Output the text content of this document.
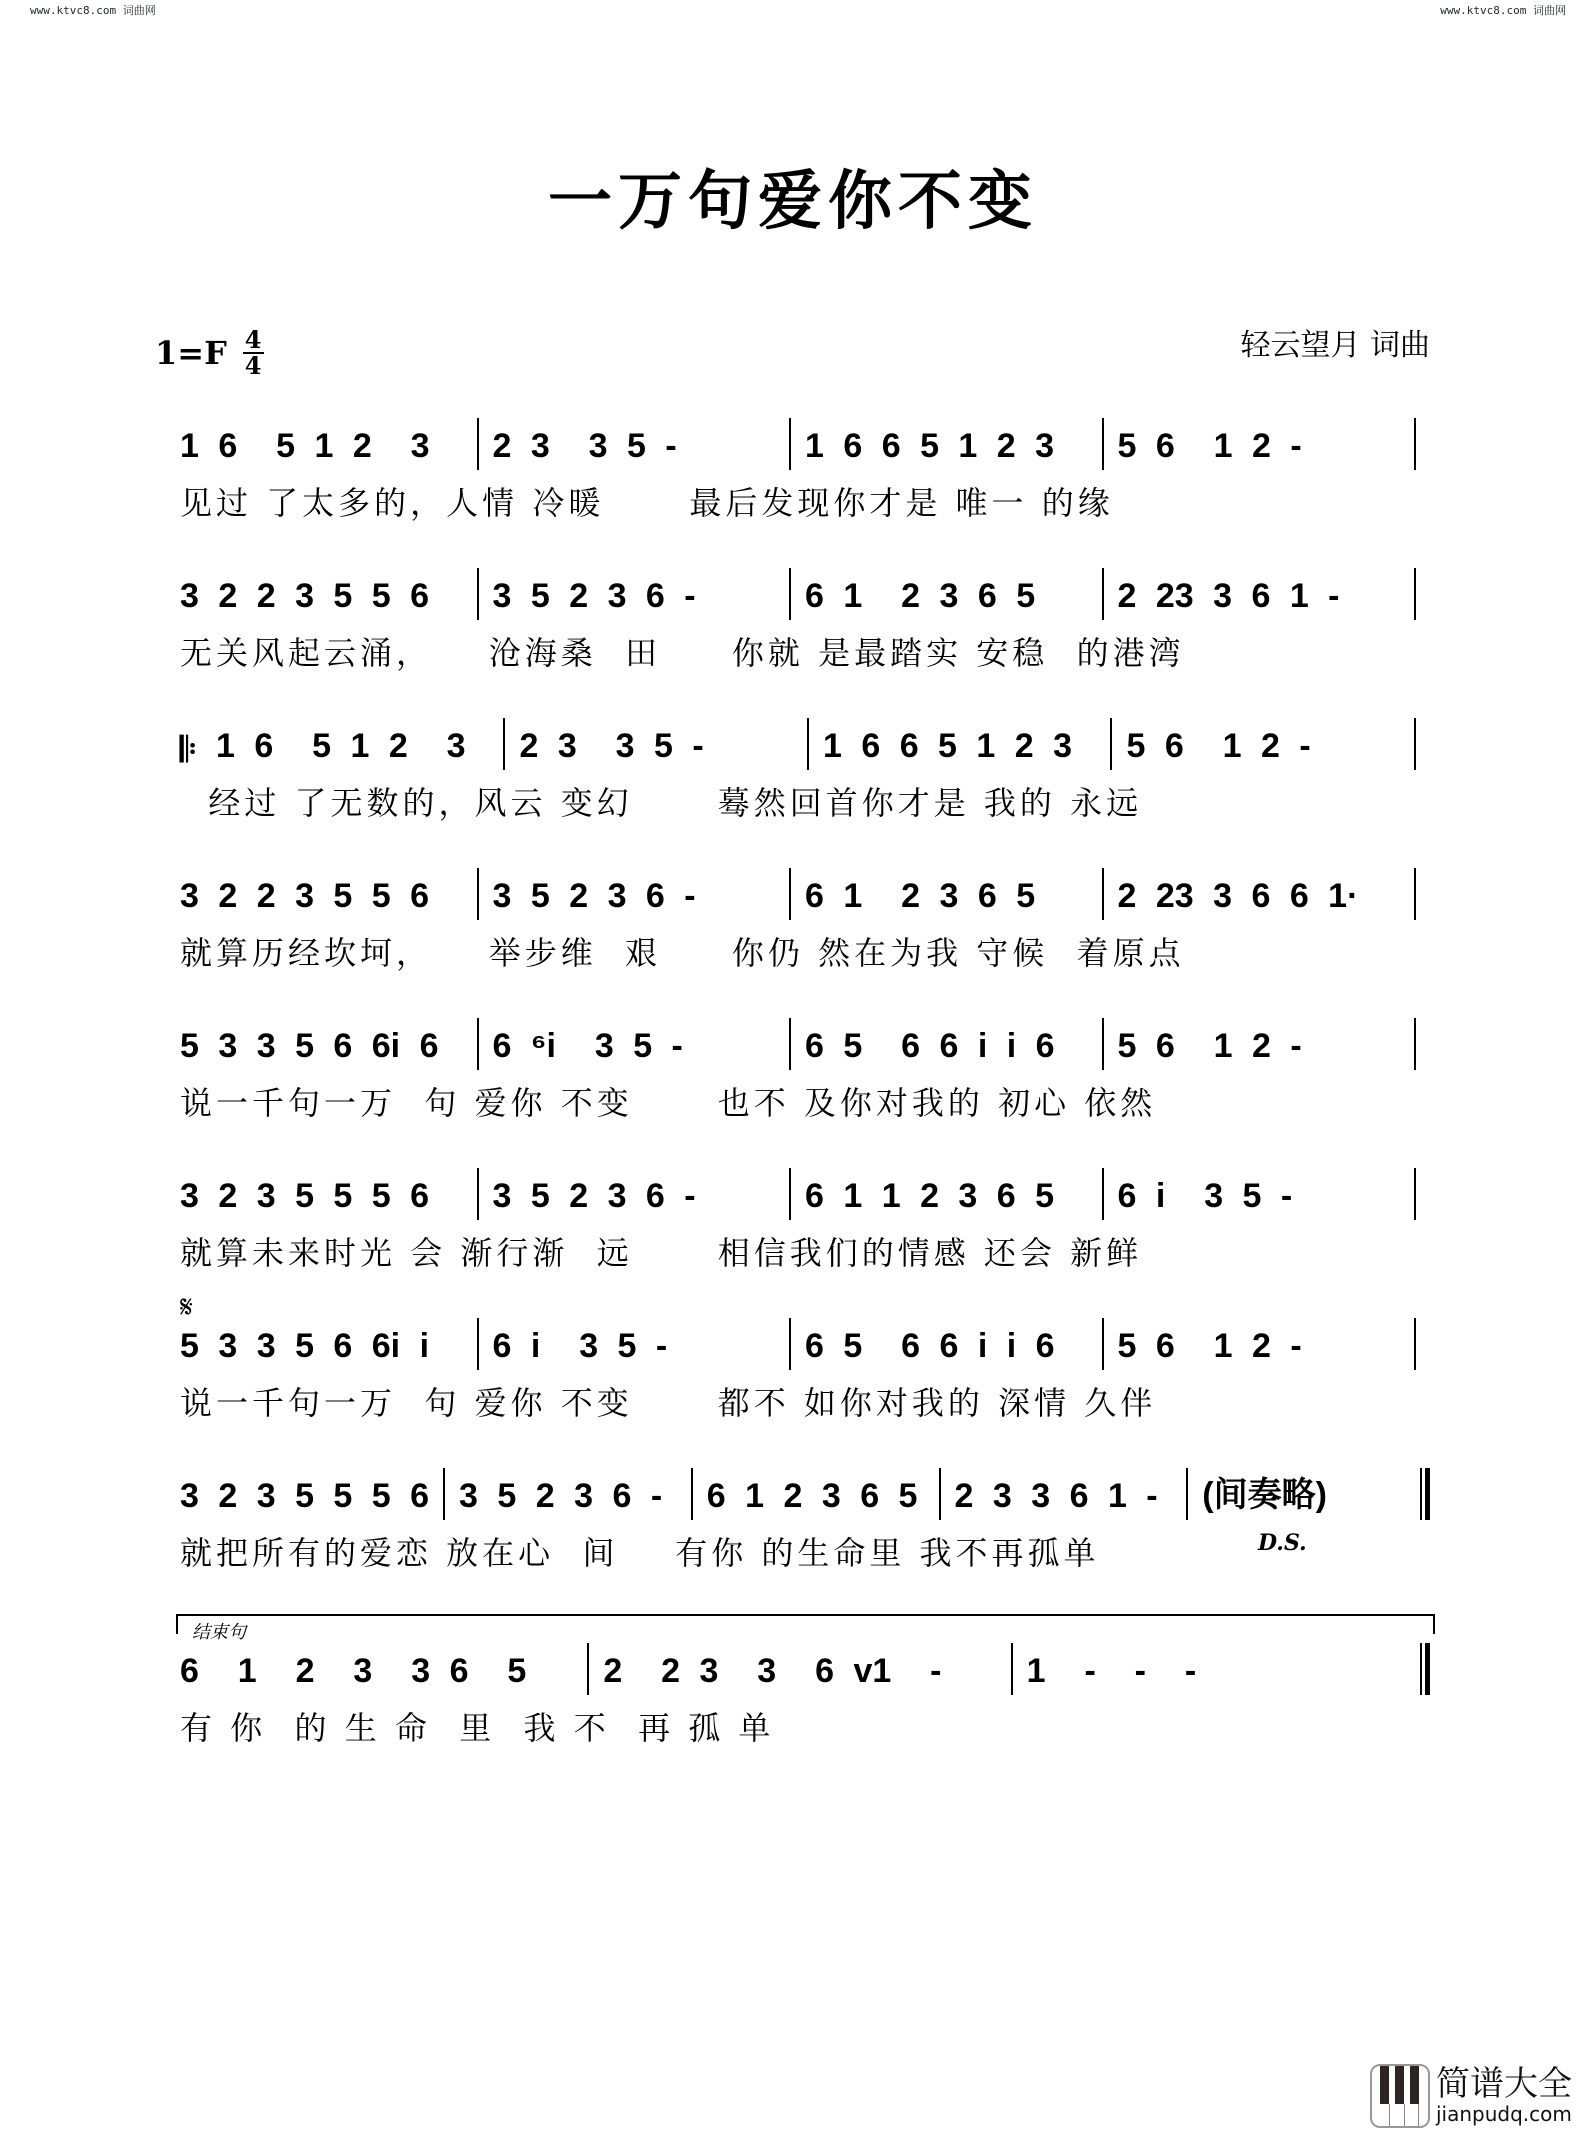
www.ktvc8.com 词曲网	www.ktvc8.com 词曲网
一万句爱你不变
1=F 4
4
轻云望月 词曲
1 6  5 1 2  3	2 3  3 5 -	1 6 6 5 1 2 3	5 6  1 2 -
见过 了太多的，人情 冷暖      最后发现你才是 唯一 的缘
3 2 2 3 5 5 6	3 5 2 3 6 -	6 1  2 3 6 5	2 23 3 6 1 -
无关风起云涌，    沧海桑  田     你就 是最踏实 安稳  的港湾
𝄆 1 6  5 1 2  3	2 3  3 5 -	1 6 6 5 1 2 3	5 6  1 2 -
经过 了无数的，风云 变幻      蓦然回首你才是 我的 永远
3 2 2 3 5 5 6	3 5 2 3 6 -	6 1  2 3 6 5	2 23 3 6 6 1·
就算历经坎坷，    举步维  艰     你仍 然在为我 守候  着原点
5 3 3 5 6 6i 6	6 ⁶i  3 5 -	6 5  6 6 i i 6	5 6  1 2 -
说一千句一万  句 爱你 不变      也不 及你对我的 初心 依然
3 2 3 5 5 5 6	3 5 2 3 6 -	6 1 1 2 3 6 5	6 i  3 5 -
就算未来时光 会 渐行渐  远      相信我们的情感 还会 新鲜
5 3 3 5 6 6i i	6 i  3 5 -	6 5  6 6 i i 6	5 6  1 2 -
说一千句一万  句 爱你 不变      都不 如你对我的 深情 久伴
3 2 3 5 5 5 6 3 5 2 3 6 -	6 1 2 3 6 5 2 3 3 6 1 -	(间奏略)
就把所有的爱恋 放在心  间    有你 的生命里 我不再孤单
6  1  2  3  3 6  5	2  2 3  3  6 v1  -	1  -  -  -
有 你  的 生 命  里  我 不  再 孤 单
𝄋
D.S.
结束句
简谱大全
jianpudq.com
